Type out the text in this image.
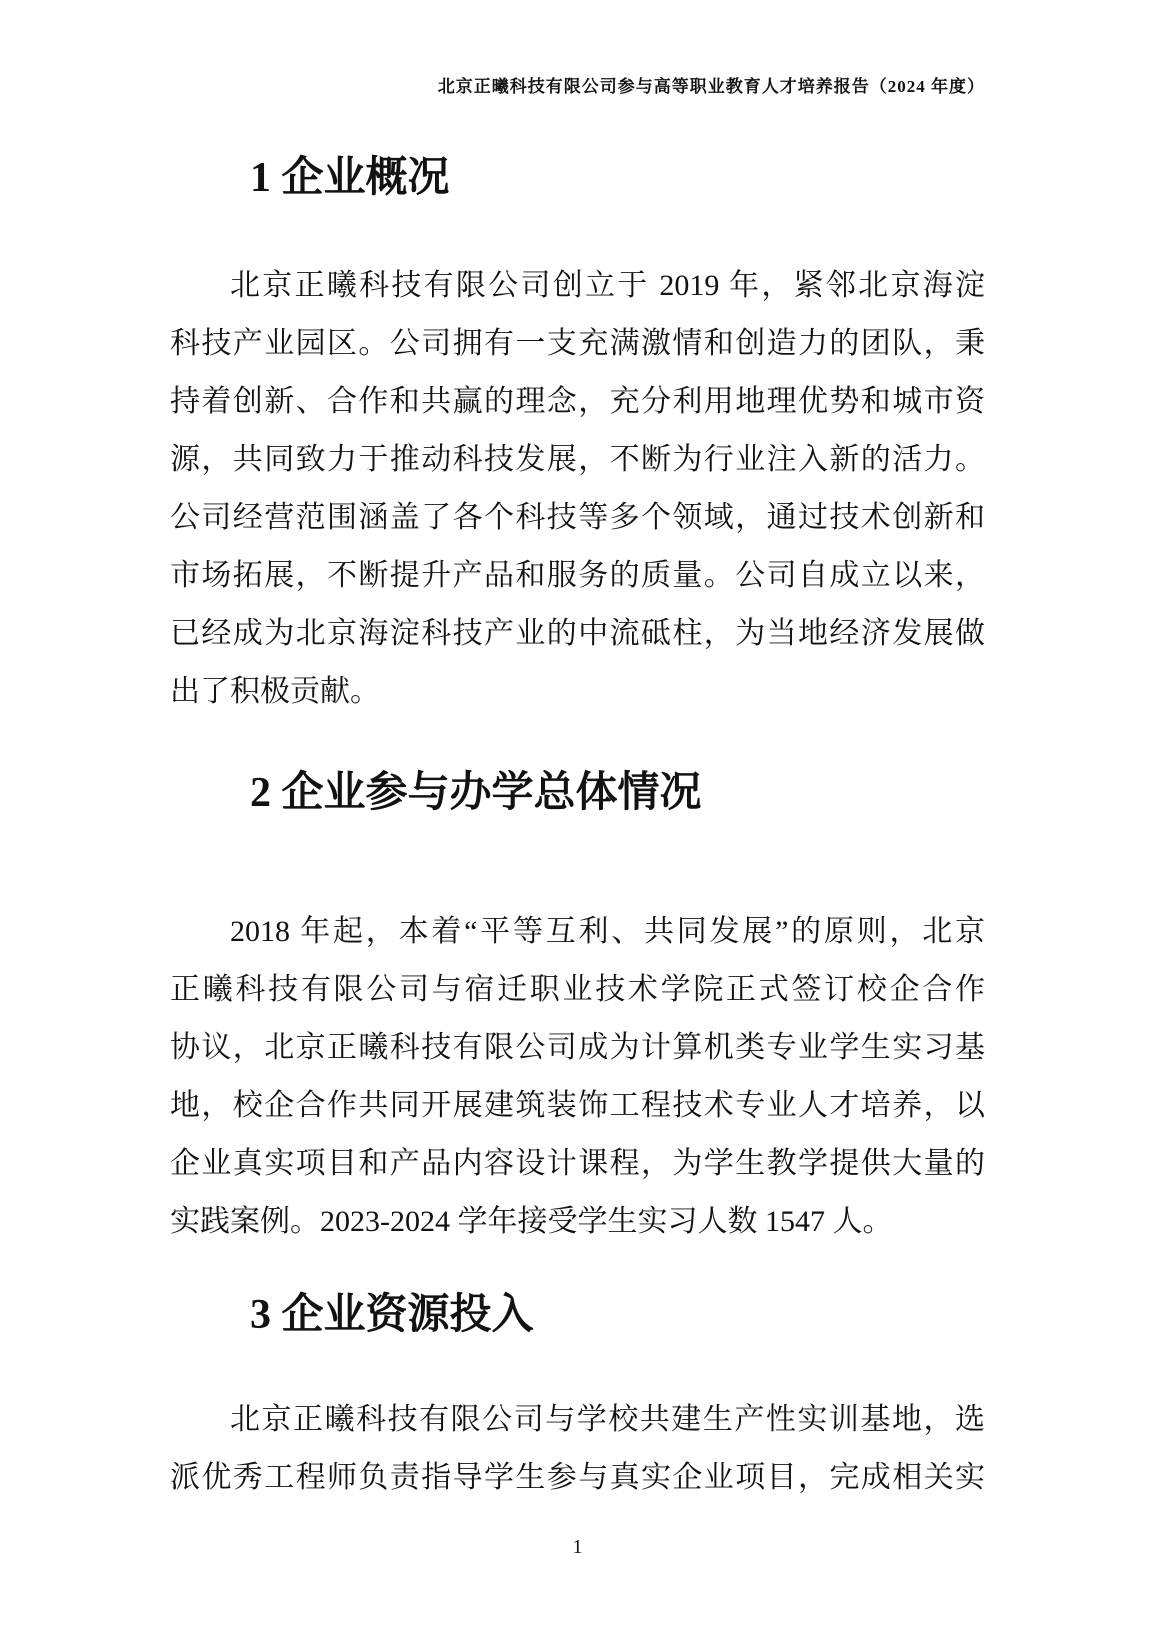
北京正曦科技有限公司参与高等职业教育人才培养报告（2024 年度）
1 企业概况
北京正曦科技有限公司创立于 2019 年，紧邻北京海淀
科技产业园区。公司拥有一支充满激情和创造力的团队，秉
持着创新、合作和共赢的理念，充分利用地理优势和城市资
源，共同致力于推动科技发展，不断为行业注入新的活力。
公司经营范围涵盖了各个科技等多个领域，通过技术创新和
市场拓展，不断提升产品和服务的质量。公司自成立以来，
已经成为北京海淀科技产业的中流砥柱，为当地经济发展做
出了积极贡献。
2 企业参与办学总体情况
2018 年起，本着“平等互利、共同发展”的原则，北京
正曦科技有限公司与宿迁职业技术学院正式签订校企合作
协议，北京正曦科技有限公司成为计算机类专业学生实习基
地，校企合作共同开展建筑装饰工程技术专业人才培养，以
企业真实项目和产品内容设计课程，为学生教学提供大量的
实践案例。2023-2024 学年接受学生实习人数 1547 人。
3 企业资源投入
北京正曦科技有限公司与学校共建生产性实训基地，选
派优秀工程师负责指导学生参与真实企业项目，完成相关实
1
